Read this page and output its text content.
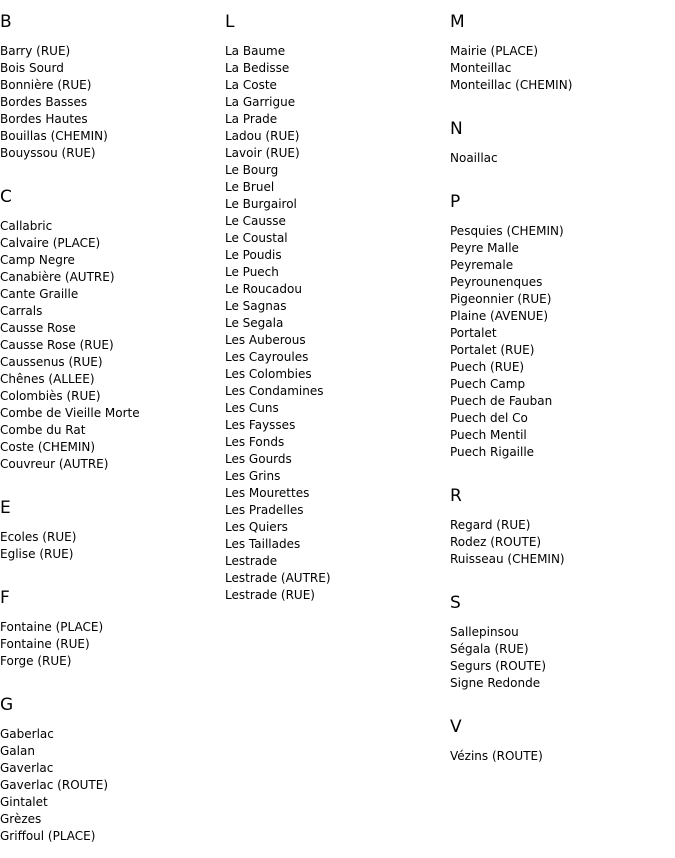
B
Barry (RUE)
Bois Sourd
Bonnière (RUE)
Bordes Basses
Bordes Hautes
Bouillas (CHEMIN)
Bouyssou (RUE)
C
Callabric
Calvaire (PLACE)
Camp Negre
Canabière (AUTRE)
Cante Graille
Carrals
Causse Rose
Causse Rose (RUE)
Caussenus (RUE)
Chênes (ALLEE)
Colombiès (RUE)
Combe de Vieille Morte
Combe du Rat
Coste (CHEMIN)
Couvreur (AUTRE)
E
Ecoles (RUE)
Eglise (RUE)
F
Fontaine (PLACE)
Fontaine (RUE)
Forge (RUE)
G
Gaberlac
Galan
Gaverlac
Gaverlac (ROUTE)
Gintalet
Grèzes
Griffoul (PLACE)
L
La Baume
La Bedisse
La Coste
La Garrigue
La Prade
Ladou (RUE)
Lavoir (RUE)
Le Bourg
Le Bruel
Le Burgairol
Le Causse
Le Coustal
Le Poudis
Le Puech
Le Roucadou
Le Sagnas
Le Segala
Les Auberous
Les Cayroules
Les Colombies
Les Condamines
Les Cuns
Les Faysses
Les Fonds
Les Gourds
Les Grins
Les Mourettes
Les Pradelles
Les Quiers
Les Taillades
Lestrade
Lestrade (AUTRE)
Lestrade (RUE)
M
Mairie (PLACE)
Monteillac
Monteillac (CHEMIN)
N
Noaillac
P
Pesquies (CHEMIN)
Peyre Malle
Peyremale
Peyrounenques
Pigeonnier (RUE)
Plaine (AVENUE)
Portalet
Portalet (RUE)
Puech (RUE)
Puech Camp
Puech de Fauban
Puech del Co
Puech Mentil
Puech Rigaille
R
Regard (RUE)
Rodez (ROUTE)
Ruisseau (CHEMIN)
S
Sallepinsou
Ségala (RUE)
Segurs (ROUTE)
Signe Redonde
V
Vézins (ROUTE)
